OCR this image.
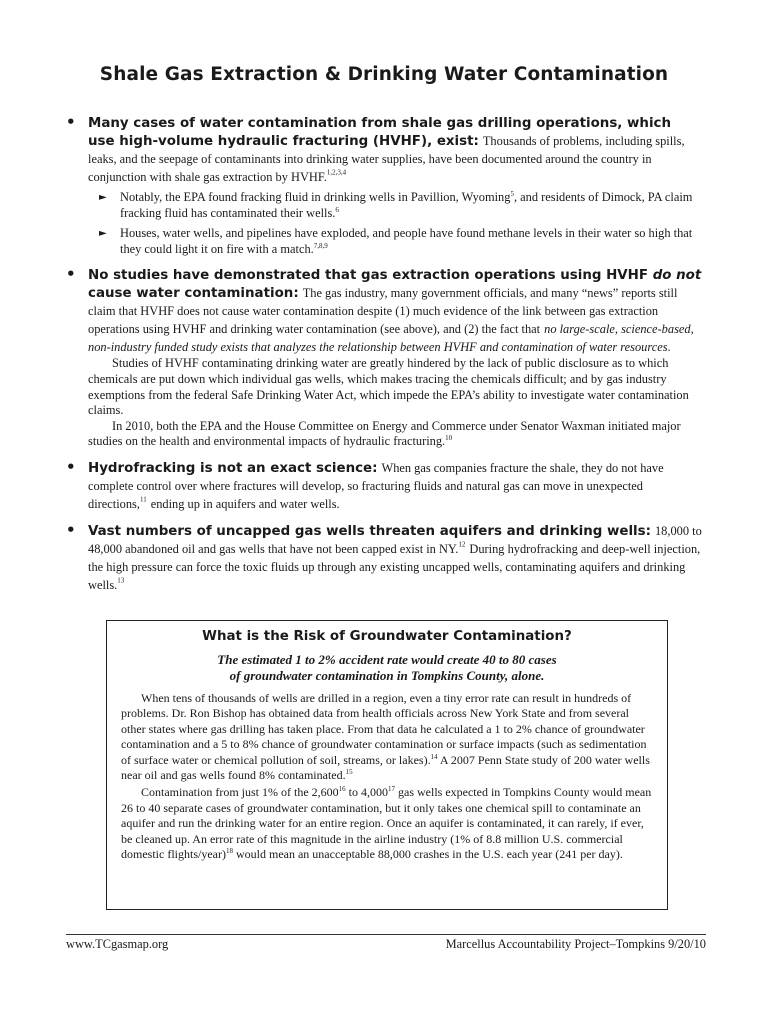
Shale Gas Extraction & Drinking Water Contamination
• Many cases of water contamination from shale gas drilling operations, which use high-volume hydraulic fracturing (HVHF), exist: Thousands of problems, including spills, leaks, and the seepage of contaminants into drinking water supplies, have been documented around the country in conjunction with shale gas extraction by HVHF.$^{1,2,3,4}$
► Notably, the EPA found fracking fluid in drinking wells in Pavillion, Wyoming$^5$, and residents of Dimock, PA claim fracking fluid has contaminated their wells.$^6$
► Houses, water wells, and pipelines have exploded, and people have found methane levels in their water so high that they could light it on fire with a match.$^{7,8,9}$
• No studies have demonstrated that gas extraction operations using HVHF do not cause water contamination: The gas industry, many government officials, and many “news” reports still claim that HVHF does not cause water contamination despite (1) much evidence of the link between gas extraction operations using HVHF and drinking water contamination (see above), and (2) the fact that no large-scale, science-based, non-industry funded study exists that analyzes the relationship between HVHF and contamination of water resources.
Studies of HVHF contaminating drinking water are greatly hindered by the lack of public disclosure as to which chemicals are put down which individual gas wells, which makes tracing the chemicals difficult; and by gas industry exemptions from the federal Safe Drinking Water Act, which impede the EPA’s ability to investigate water contamination claims.
In 2010, both the EPA and the House Committee on Energy and Commerce under Senator Waxman initiated major studies on the health and environmental impacts of hydraulic fracturing.$^{10}$
• Hydrofracking is not an exact science: When gas companies fracture the shale, they do not have complete control over where fractures will develop, so fracturing fluids and natural gas can move in unexpected directions,$^{11}$ ending up in aquifers and water wells.
• Vast numbers of uncapped gas wells threaten aquifers and drinking wells: 18,000 to 48,000 abandoned oil and gas wells that have not been capped exist in NY.$^{12}$ During hydrofracking and deep-well injection, the high pressure can force the toxic fluids up through any existing uncapped wells, contaminating aquifers and drinking wells.$^{13}$
What is the Risk of Groundwater Contamination?
The estimated 1 to 2% accident rate would create 40 to 80 cases
of groundwater contamination in Tompkins County, alone.

When tens of thousands of wells are drilled in a region, even a tiny error rate can result in hundreds of problems. Dr. Ron Bishop has obtained data from health officials across New York State and from several other states where gas drilling has taken place. From that data he calculated a 1 to 2% chance of groundwater contamination and a 5 to 8% chance of groundwater contamination or surface impacts (such as sedimentation of surface water or chemical pollution of soil, streams, or lakes).$^{14}$ A 2007 Penn State study of 200 water wells near oil and gas wells found 8% contaminated.$^{15}$

Contamination from just 1% of the 2,600$^{16}$ to 4,000$^{17}$ gas wells expected in Tompkins County would mean 26 to 40 separate cases of groundwater contamination, but it only takes one chemical spill to contaminate an aquifer and run the drinking water for an entire region. Once an aquifer is contaminated, it can rarely, if ever, be cleaned up. An error rate of this magnitude in the airline industry (1% of 8.8 million U.S. commercial domestic flights/year)$^{18}$ would mean an unacceptable 88,000 crashes in the U.S. each year (241 per day).

www.TCgasmap.org	Marcellus Accountability Project–Tompkins 9/20/10
